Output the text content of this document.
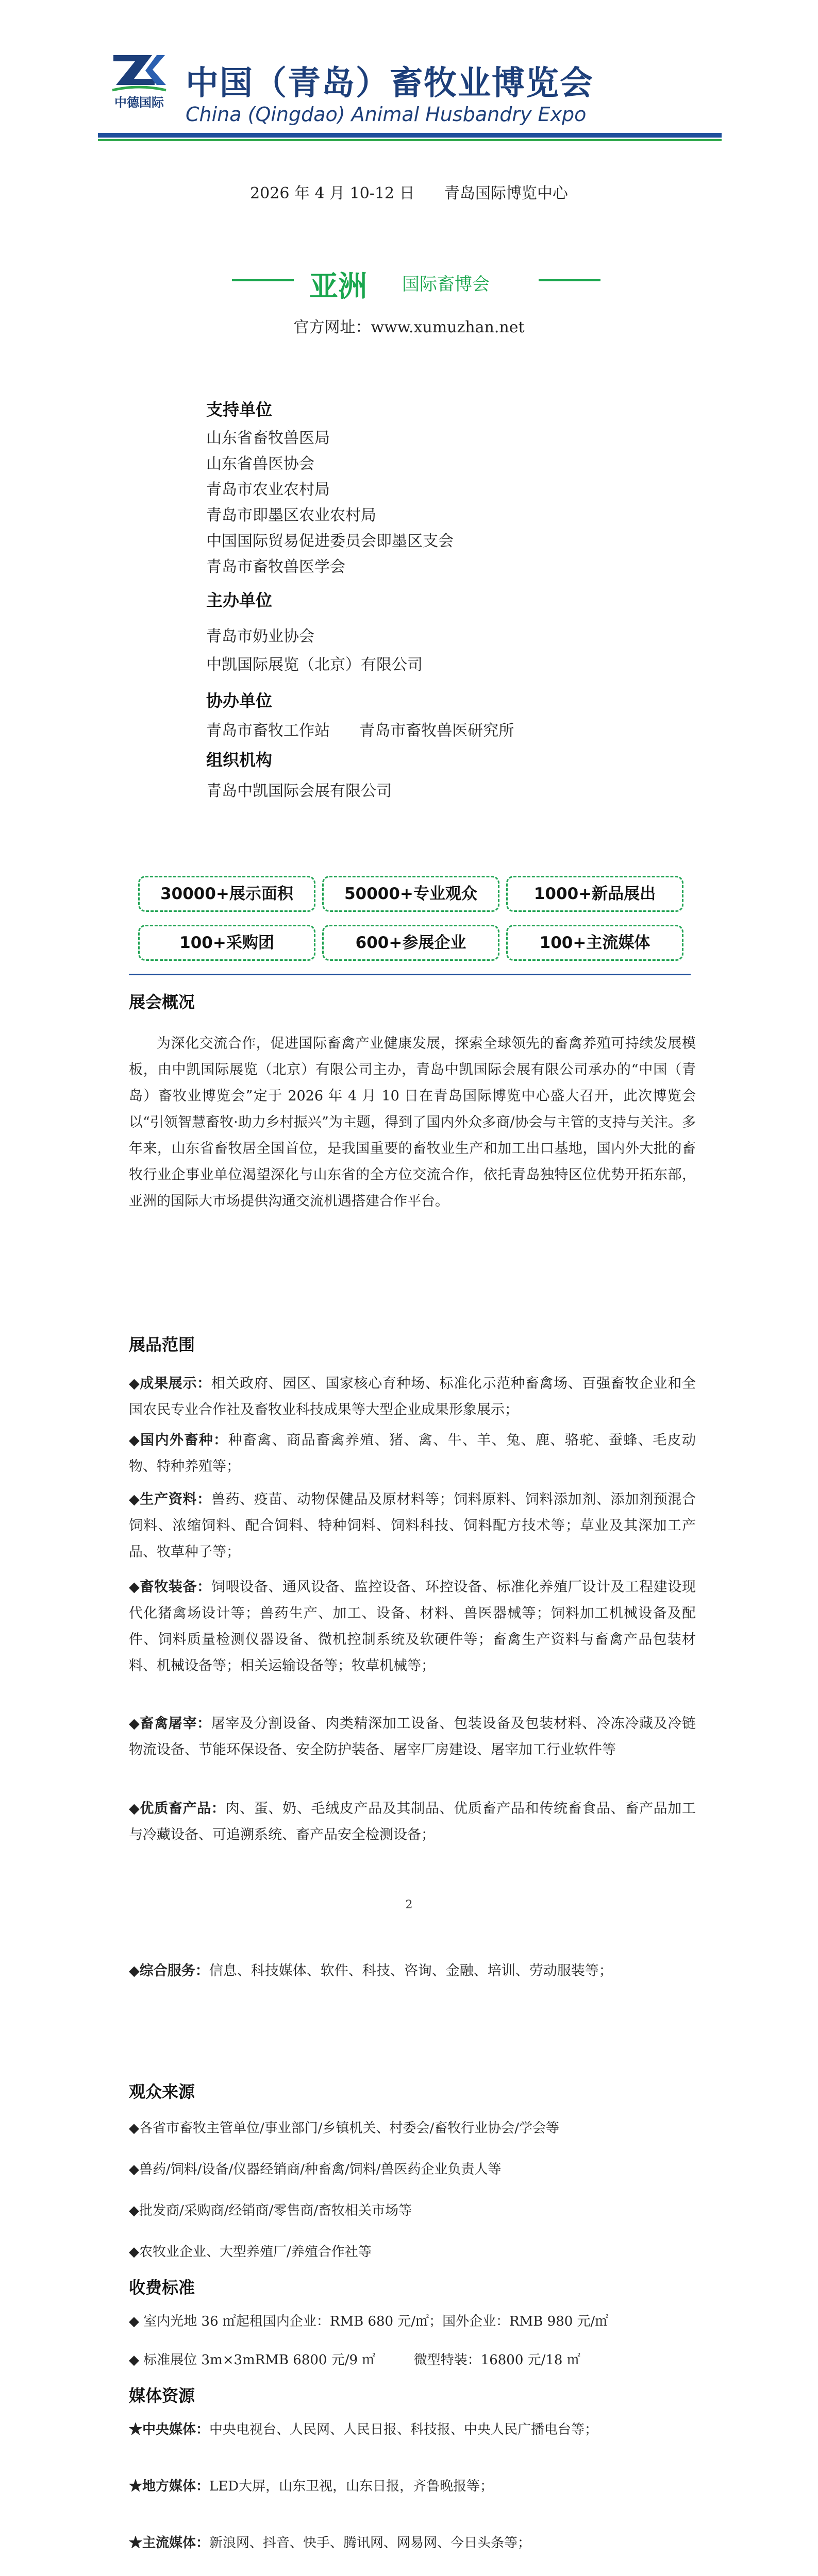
中德国际 中国（青岛）畜牧业博览会
China (Qingdao) Animal Husbandry Expo
2026 年 4 月 10-12 日      青岛国际博览中心
亚洲 国际畜博会
官方网址：www.xumuzhan.net
支持单位
山东省畜牧兽医局
山东省兽医协会
青岛市农业农村局
青岛市即墨区农业农村局
中国国际贸易促进委员会即墨区支会
青岛市畜牧兽医学会
主办单位
青岛市奶业协会
中凯国际展览（北京）有限公司
协办单位
青岛市畜牧工作站      青岛市畜牧兽医研究所
组织机构
青岛中凯国际会展有限公司
30000+展示面积	50000+专业观众	1000+新品展出
100+采购团	600+参展企业	100+主流媒体
展会概况
为深化交流合作，促进国际畜禽产业健康发展，探索全球领先的畜禽养殖可持续发展模板，由中凯国际展览（北京）有限公司主办，青岛中凯国际会展有限公司承办的“中国（青岛）畜牧业博览会”定于 2026 年 4 月 10 日在青岛国际博览中心盛大召开，此次博览会以“引领智慧畜牧·助力乡村振兴”为主题，得到了国内外众多商/协会与主管的支持与关注。多年来，山东省畜牧居全国首位，是我国重要的畜牧业生产和加工出口基地，国内外大批的畜牧行业企事业单位渴望深化与山东省的全方位交流合作，依托青岛独特区位优势开拓东部，亚洲的国际大市场提供沟通交流机遇搭建合作平台。
展品范围
◆成果展示：相关政府、园区、国家核心育种场、标准化示范种畜禽场、百强畜牧企业和全国农民专业合作社及畜牧业科技成果等大型企业成果形象展示；
◆国内外畜种：种畜禽、商品畜禽养殖、猪、禽、牛、羊、兔、鹿、骆驼、蚕蜂、毛皮动物、特种养殖等；
◆生产资料：兽药、疫苗、动物保健品及原材料等；饲料原料、饲料添加剂、添加剂预混合饲料、浓缩饲料、配合饲料、特种饲料、饲料科技、饲料配方技术等；草业及其深加工产品、牧草种子等；
◆畜牧装备：饲喂设备、通风设备、监控设备、环控设备、标准化养殖厂设计及工程建设现代化猪禽场设计等；兽药生产、加工、设备、材料、兽医器械等；饲料加工机械设备及配件、饲料质量检测仪器设备、微机控制系统及软硬件等；畜禽生产资料与畜禽产品包装材料、机械设备等；相关运输设备等；牧草机械等；
◆畜禽屠宰：屠宰及分割设备、肉类精深加工设备、包装设备及包装材料、冷冻冷藏及冷链物流设备、节能环保设备、安全防护装备、屠宰厂房建设、屠宰加工行业软件等
◆优质畜产品：肉、蛋、奶、毛绒皮产品及其制品、优质畜产品和传统畜食品、畜产品加工与冷藏设备、可追溯系统、畜产品安全检测设备；
2
◆综合服务：信息、科技媒体、软件、科技、咨询、金融、培训、劳动服装等；
观众来源
◆各省市畜牧主管单位/事业部门/乡镇机关、村委会/畜牧行业协会/学会等
◆兽药/饲料/设备/仪器经销商/种畜禽/饲料/兽医药企业负责人等
◆批发商/采购商/经销商/零售商/畜牧相关市场等
◆农牧业企业、大型养殖厂/养殖合作社等
收费标准
◆ 室内光地 36 ㎡起租国内企业：RMB 680 元/㎡；国外企业：RMB 980 元/㎡
◆ 标准展位 3m×3mRMB 6800 元/9 ㎡         微型特装：16800 元/18 ㎡
媒体资源
★中央媒体：中央电视台、人民网、人民日报、科技报、中央人民广播电台等；
★地方媒体：LED大屏，山东卫视，山东日报，齐鲁晚报等；
★主流媒体：新浪网、抖音、快手、腾讯网、网易网、今日头条等；
